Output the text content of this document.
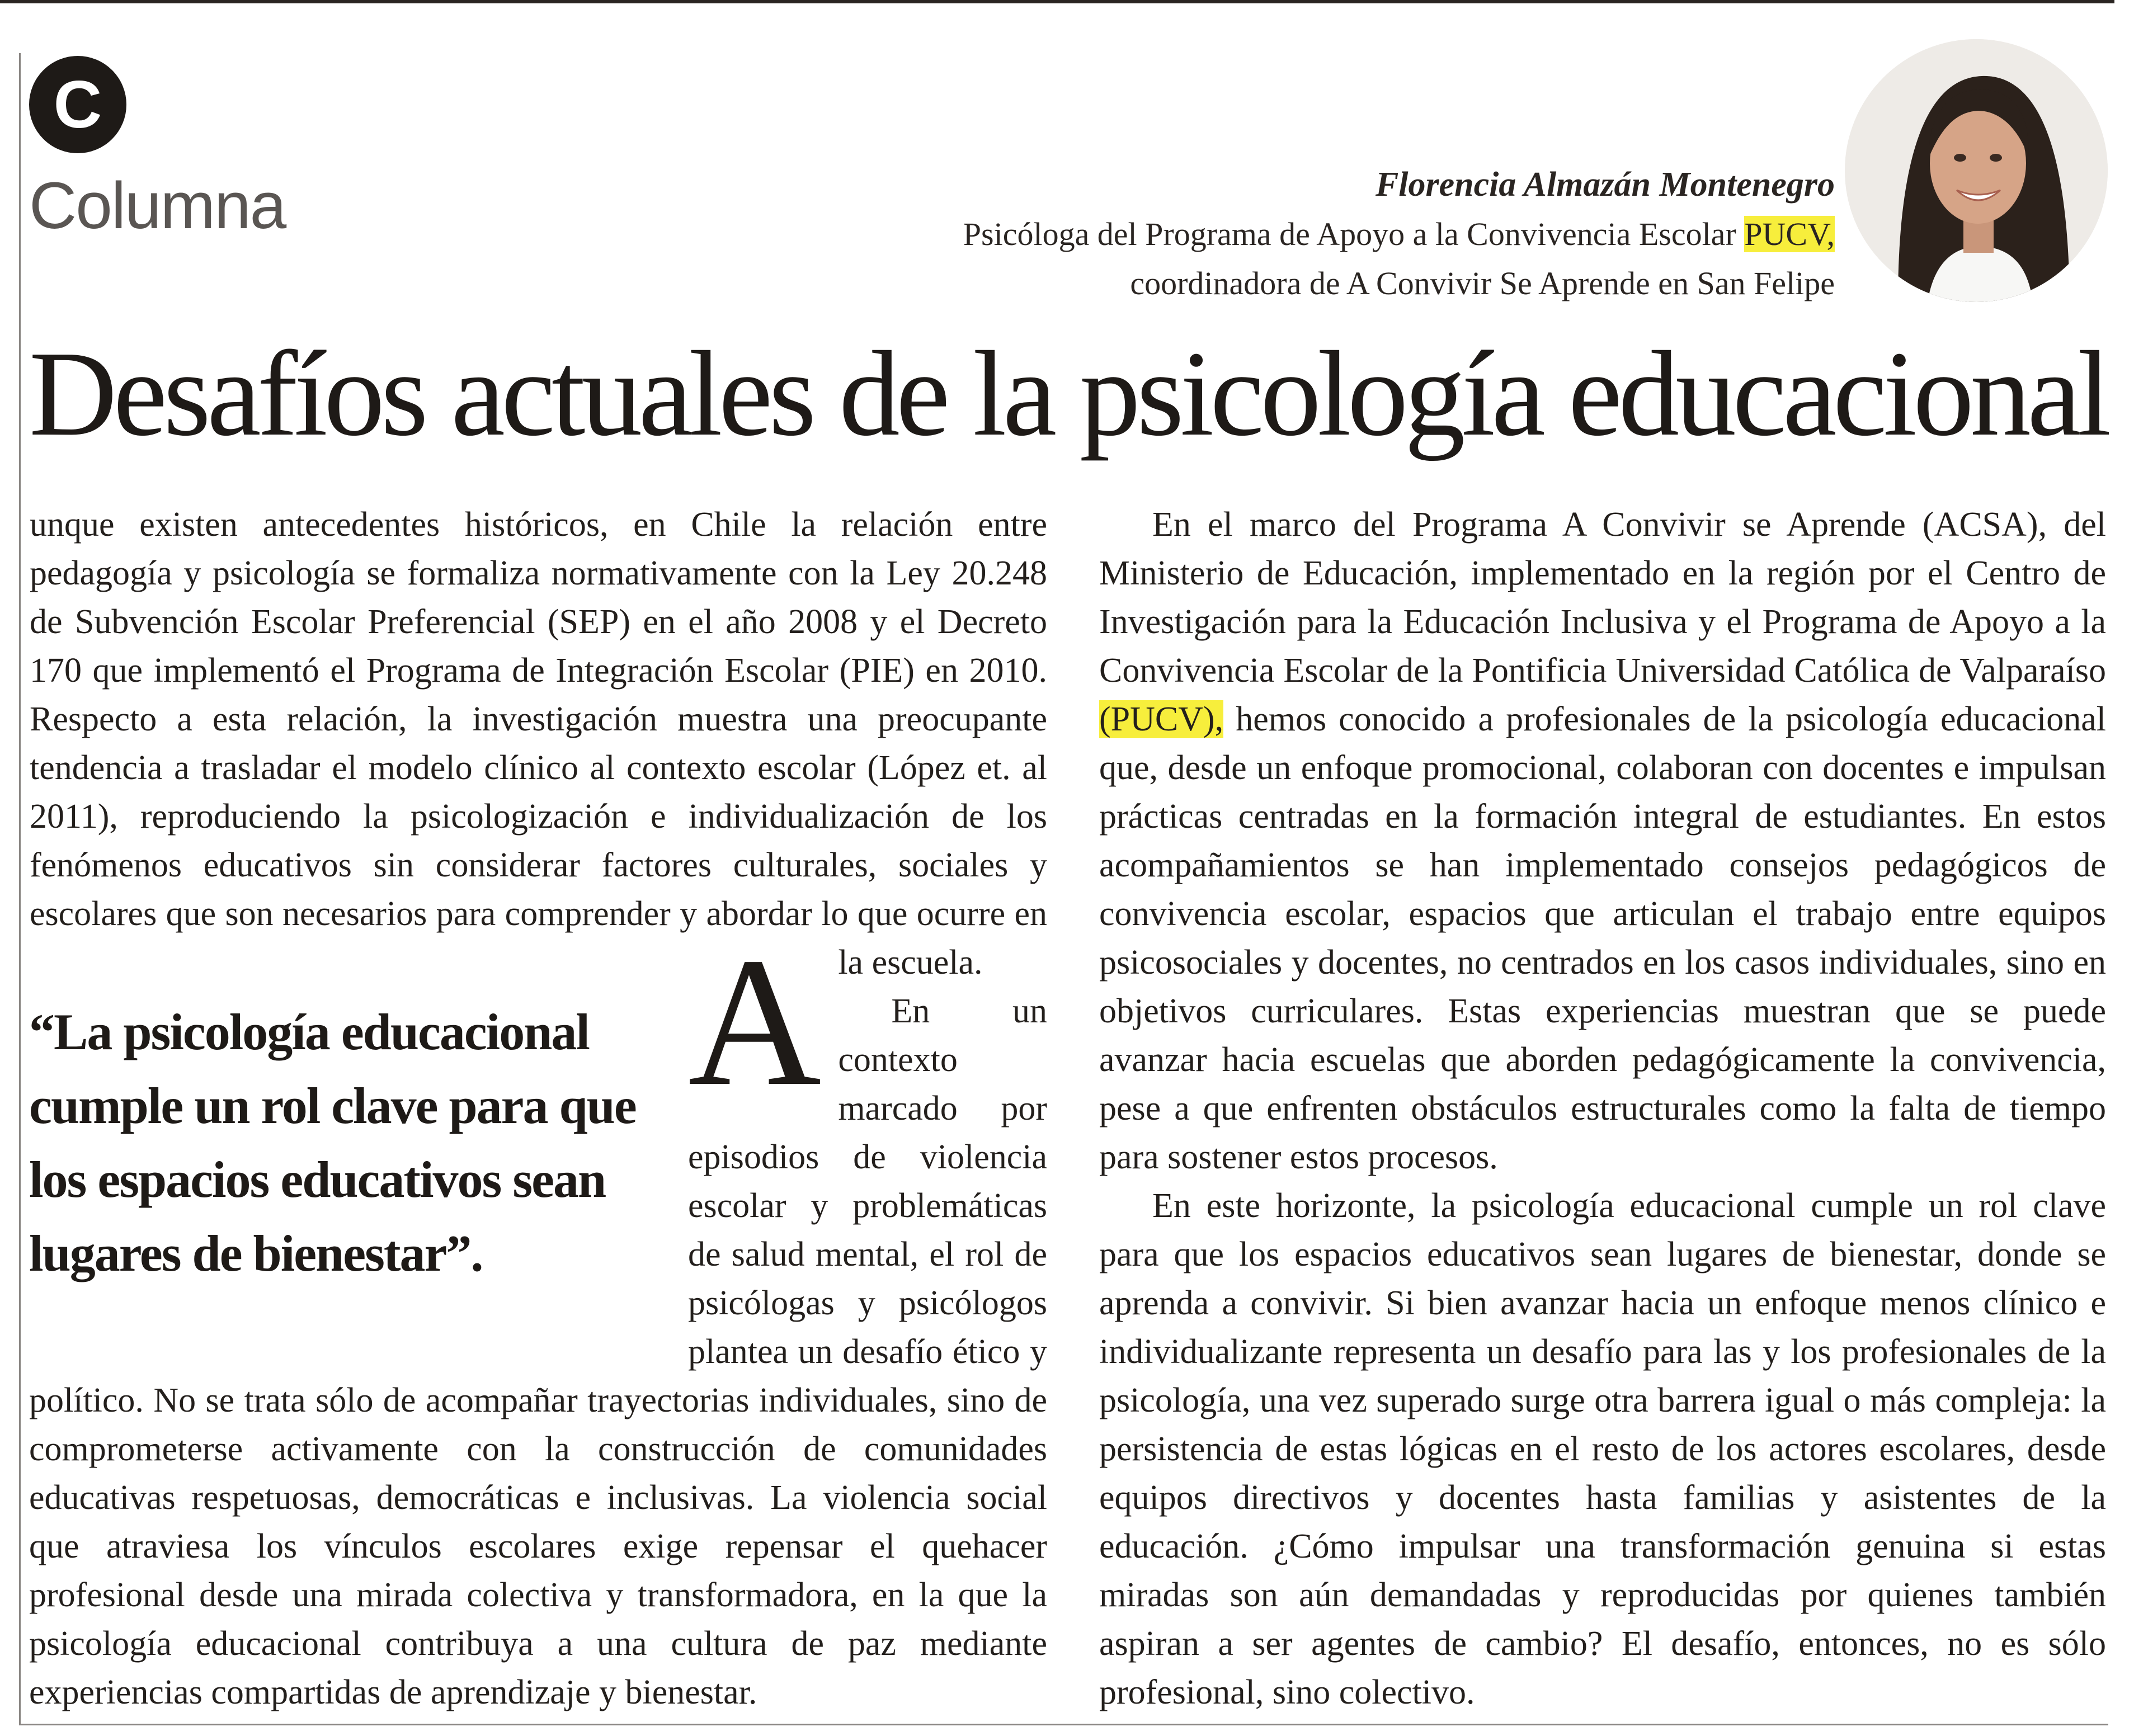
C
Columna	Florencia Almazán Montenegro
Psicóloga del Programa de Apoyo a la Convivencia Escolar PUCV,
coordinadora de A Convivir Se Aprende en San Felipe
Desafíos actuales de la psicología educacional
“La psicología educacional cumple un rol clave para que los espacios educativos sean lugares de bienestar”.

A
unque existen antecedentes históricos, en Chile la relación entre pedagogía y psicología se formaliza normativamente con la Ley 20.248 de Subvención Escolar Preferencial (SEP) en el año 2008 y el Decreto 170 que implementó el Programa de Integración Escolar (PIE) en 2010. Respecto a esta relación, la investigación muestra una preocupante tendencia a trasladar el modelo clínico al contexto escolar (López et. al 2011), reproduciendo la psicologización e individualización de los fenómenos educativos sin considerar factores culturales, sociales y escolares que son necesarios para comprender y abordar lo que ocurre en la escuela.

En un contexto marcado por episodios de violencia escolar y problemáticas de salud mental, el rol de psicólogas y psicólogos plantea un desafío ético y político. No se trata sólo de acompañar trayectorias individuales, sino de comprometerse activamente con la construcción de comunidades educativas respetuosas, democráticas e inclusivas. La violencia social que atraviesa los vínculos escolares exige repensar el quehacer profesional desde una mirada colectiva y transformadora, en la que la psicología educacional contribuya a una cultura de paz mediante experiencias compartidas de aprendizaje y bienestar.

En el marco del Programa A Convivir se Aprende (ACSA), del Ministerio de Educación, implementado en la región por el Centro de Investigación para la Educación Inclusiva y el Programa de Apoyo a la Convivencia Escolar de la Pontificia Universidad Católica de Valparaíso (PUCV), hemos conocido a profesionales de la psicología educacional que, desde un enfoque promocional, colaboran con docentes e impulsan prácticas centradas en la formación integral de estudiantes. En estos acompañamientos se han implementado consejos pedagógicos de convivencia escolar, espacios que articulan el trabajo entre equipos psicosociales y docentes, no centrados en los casos individuales, sino en objetivos curriculares. Estas experiencias muestran que se puede avanzar hacia escuelas que aborden pedagógicamente la convivencia, pese a que enfrenten obstáculos estructurales como la falta de tiempo para sostener estos procesos.

En este horizonte, la psicología educacional cumple un rol clave para que los espacios educativos sean lugares de bienestar, donde se aprenda a convivir. Si bien avanzar hacia un enfoque menos clínico e individualizante representa un desafío para las y los profesionales de la psicología, una vez superado surge otra barrera igual o más compleja: la persistencia de estas lógicas en el resto de los actores escolares, desde equipos directivos y docentes hasta familias y asistentes de la educación. ¿Cómo impulsar una transformación genuina si estas miradas son aún demandadas y reproducidas por quienes también aspiran a ser agentes de cambio? El desafío, entonces, no es sólo profesional, sino colectivo.
